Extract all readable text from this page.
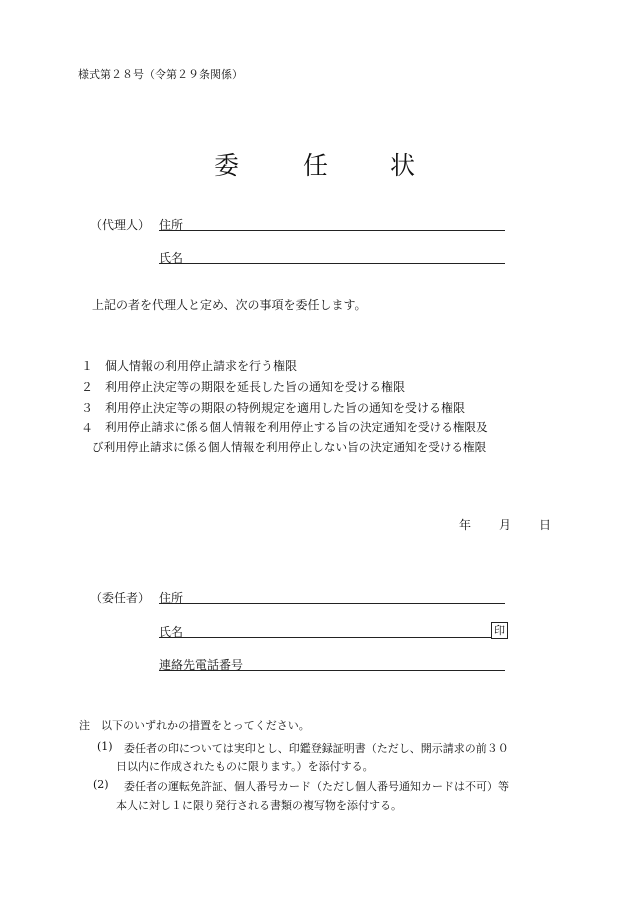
様式第２８号（令第２９条関係）
委	任 状
（代理人） 住所
氏名
上記の者を代理人と定め、次の事項を委任します。
１ 個人情報の利用停止請求を行う権限
２ 利用停止決定等の期限を延長した旨の通知を受ける権限
３ 利用停止決定等の期限の特例規定を適用した旨の通知を受ける権限
４ 利用停止請求に係る個人情報を利用停止する旨の決定通知を受ける権限及
び利用停止請求に係る個人情報を利用停止しない旨の決定通知を受ける権限
年 月 日
（委任者） 住所
氏名	印
連絡先電話番号
注　以下のいずれかの措置をとってください。
(1) 委任者の印については実印とし、印鑑登録証明書（ただし、開示請求の前３０
日以内に作成されたものに限ります。）を添付する。
(2) 委任者の運転免許証、個人番号カード（ただし個人番号通知カードは不可）等
本人に対し１に限り発行される書類の複写物を添付する。
